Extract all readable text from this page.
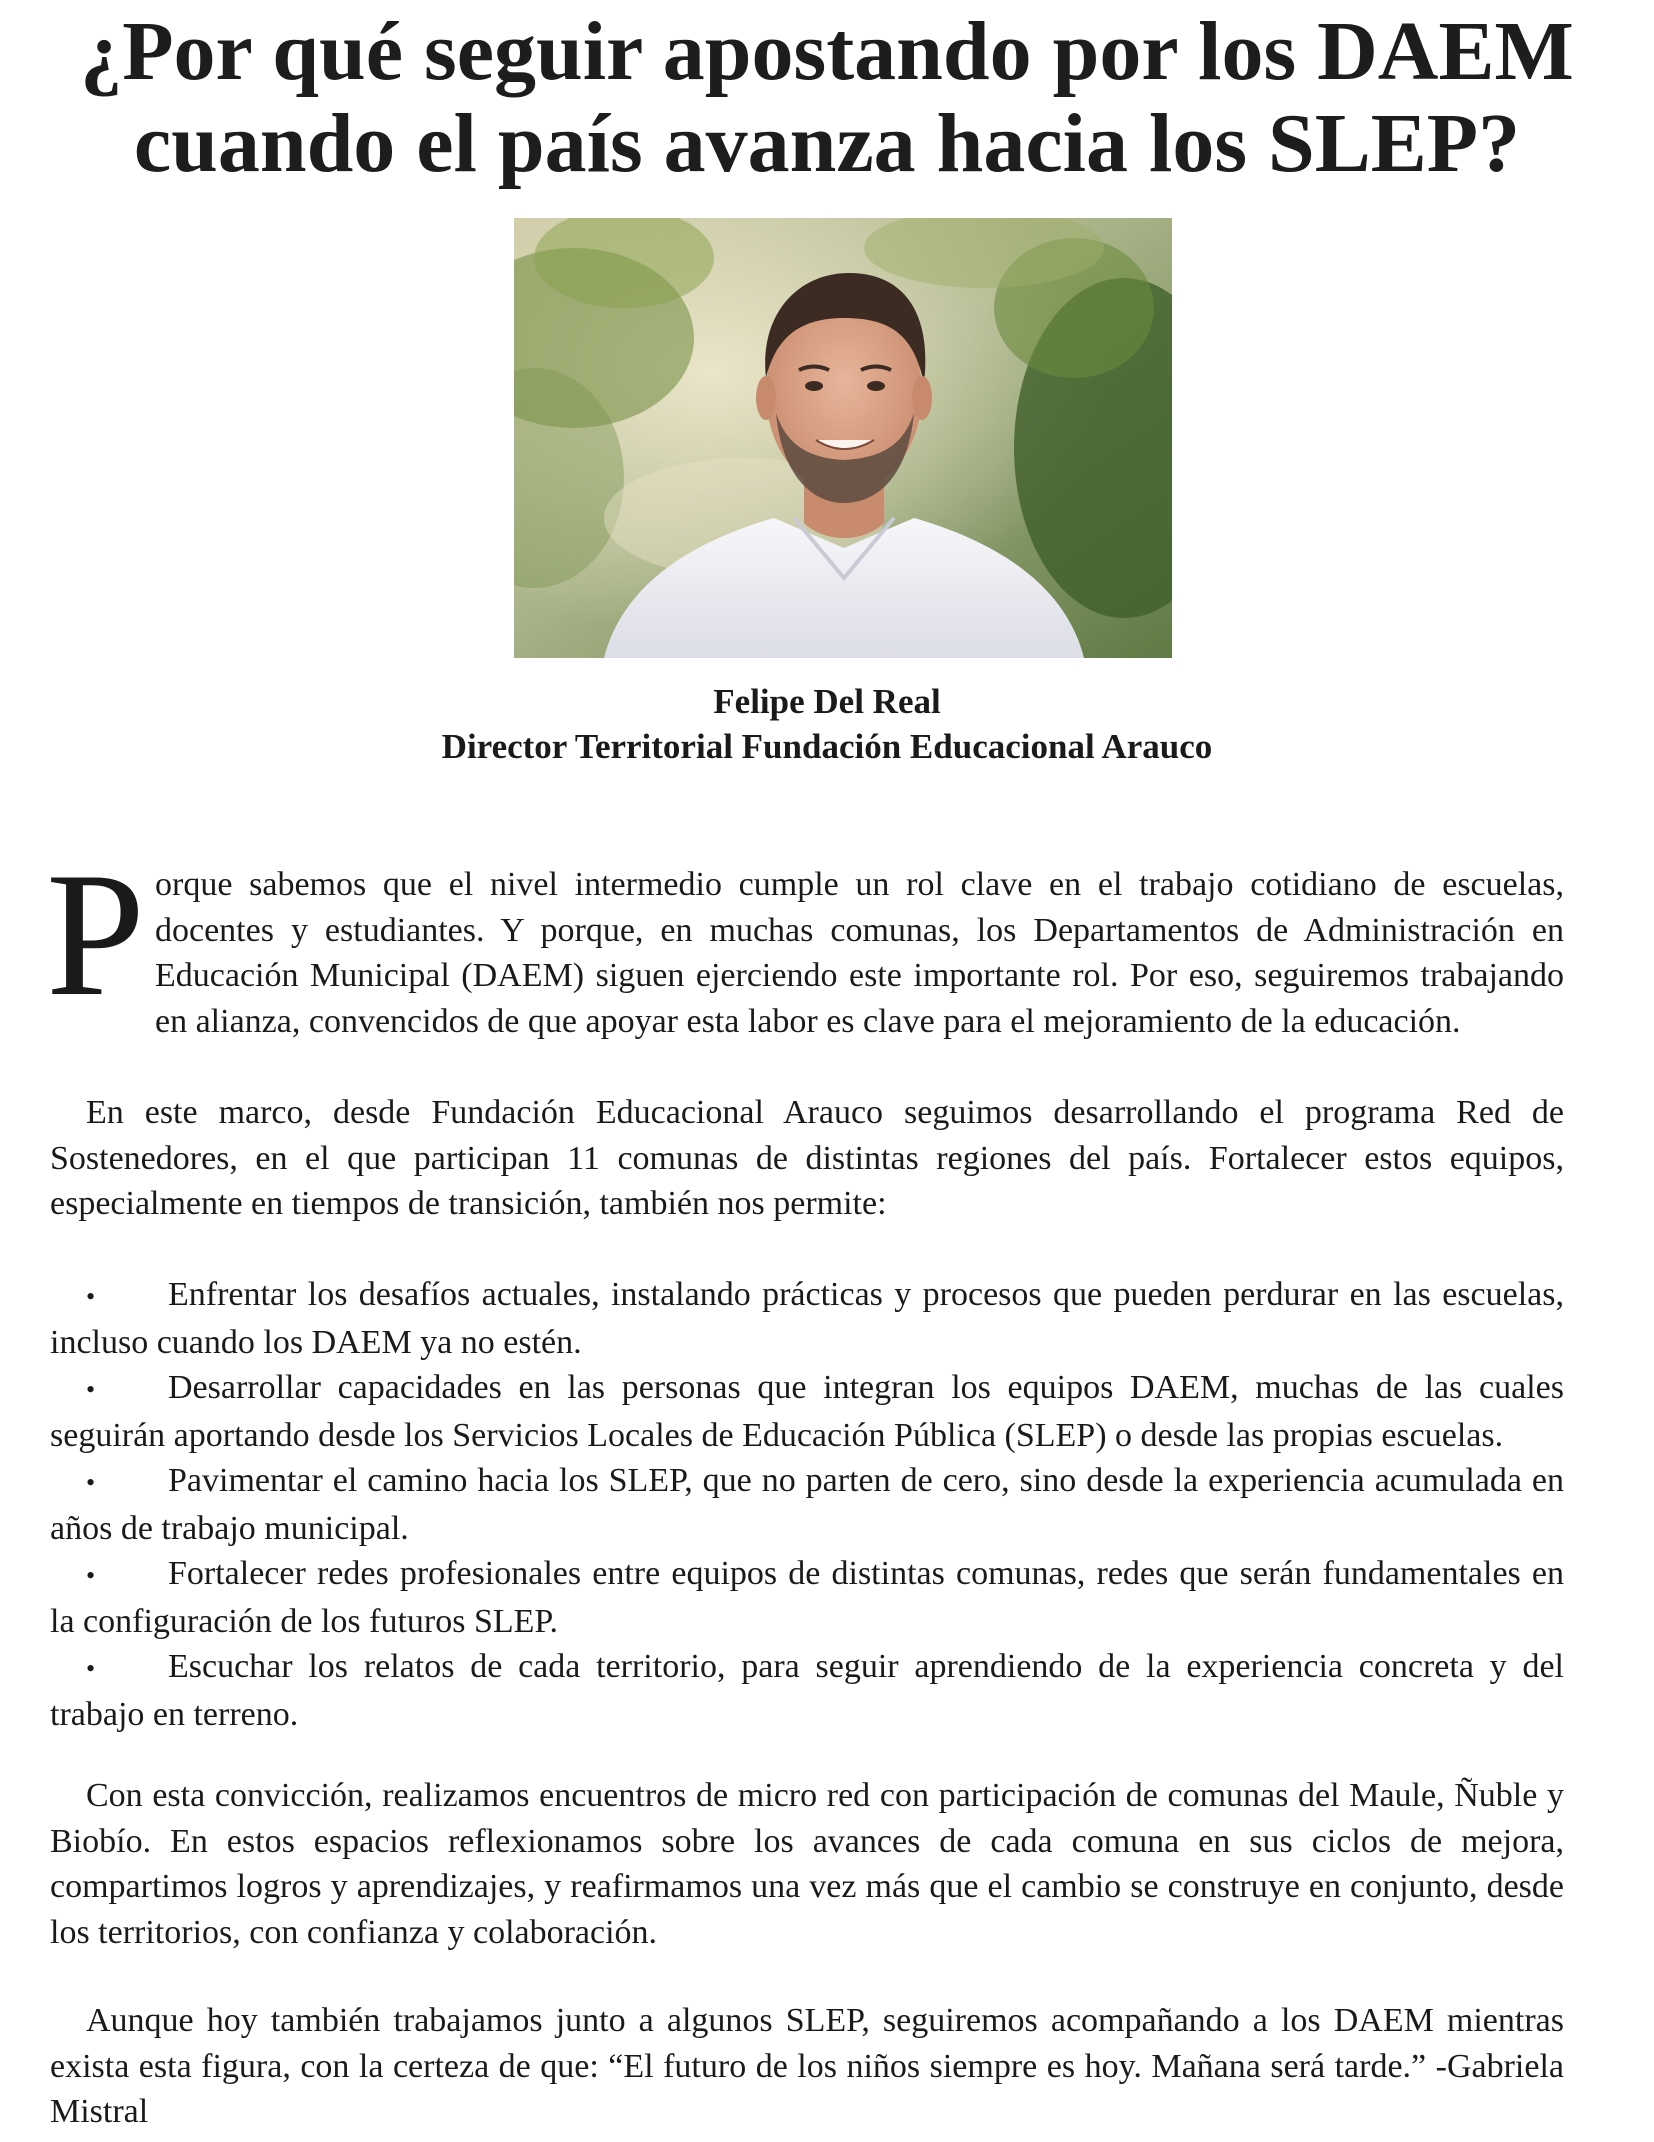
¿Por qué seguir apostando por los DAEM
cuando el país avanza hacia los SLEP?
Felipe Del Real
Director Territorial Fundación Educacional Arauco

Porque sabemos que el nivel intermedio cumple un rol clave en el trabajo cotidiano de escuelas, docentes y estudiantes. Y porque, en muchas comunas, los Departamentos de Administración en Educación Municipal (DAEM) siguen ejerciendo este importante rol. Por eso, seguiremos trabajando en alianza, convencidos de que apoyar esta labor es clave para el mejoramiento de la educación.

En este marco, desde Fundación Educacional Arauco seguimos desarrollando el programa Red de Sostenedores, en el que participan 11 comunas de distintas regiones del país. Fortalecer estos equipos, especialmente en tiempos de transición, también nos permite:

• Enfrentar los desafíos actuales, instalando prácticas y procesos que pueden perdurar en las escuelas, incluso cuando los DAEM ya no estén.
• Desarrollar capacidades en las personas que integran los equipos DAEM, muchas de las cuales seguirán aportando desde los Servicios Locales de Educación Pública (SLEP) o desde las propias escuelas.
• Pavimentar el camino hacia los SLEP, que no parten de cero, sino desde la experiencia acumulada en años de trabajo municipal.
• Fortalecer redes profesionales entre equipos de distintas comunas, redes que serán fundamentales en la configuración de los futuros SLEP.
• Escuchar los relatos de cada territorio, para seguir aprendiendo de la experiencia concreta y del trabajo en terreno.

Con esta convicción, realizamos encuentros de micro red con participación de comunas del Maule, Ñuble y Biobío. En estos espacios reflexionamos sobre los avances de cada comuna en sus ciclos de mejora, compartimos logros y aprendizajes, y reafirmamos una vez más que el cambio se construye en conjunto, desde los territorios, con confianza y colaboración.

Aunque hoy también trabajamos junto a algunos SLEP, seguiremos acompañando a los DAEM mientras exista esta figura, con la certeza de que: “El futuro de los niños siempre es hoy. Mañana será tarde.” -Gabriela Mistral
